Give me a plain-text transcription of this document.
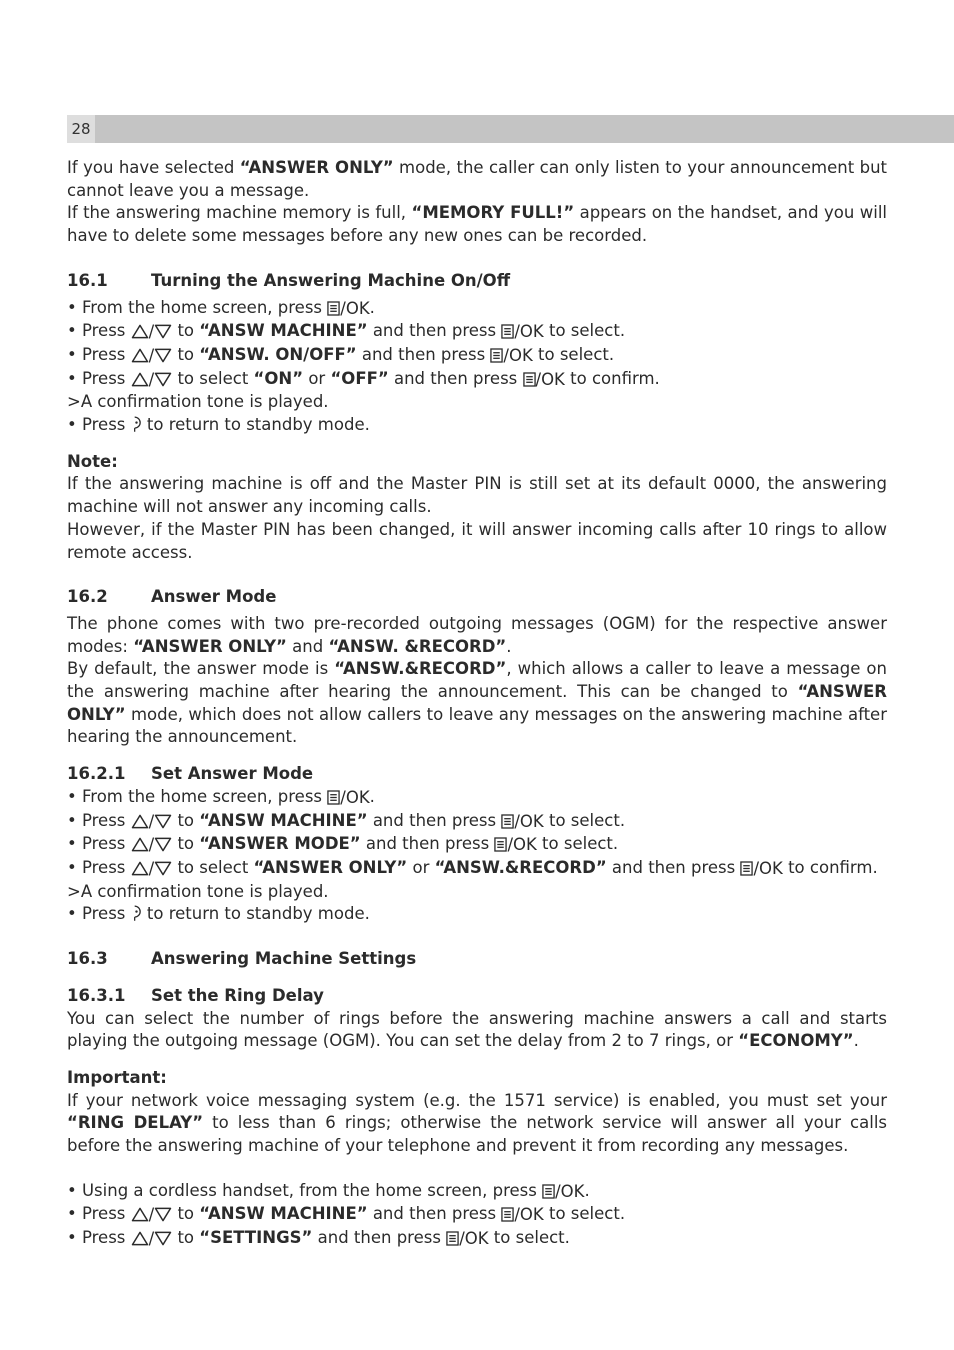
28

If you have selected “ANSWER ONLY” mode, the caller can only listen to your announcement but cannot leave you a message.

If the answering machine memory is full, “MEMORY FULL!” appears on the handset, and you will have to delete some messages before any new ones can be recorded.

16.1	Turning the Answering Machine On/Off

• From the home screen, press /OK.
• Press / to “ANSW MACHINE” and then press /OK to select.
• Press / to “ANSW. ON/OFF” and then press /OK to select.
• Press / to select “ON” or “OFF” and then press /OK to confirm.
>A confirmation tone is played.
• Press  to return to standby mode.

Note:

If the answering machine is off and the Master PIN is still set at its default 0000, the answering machine will not answer any incoming calls.

However, if the Master PIN has been changed, it will answer incoming calls after 10 rings to allow remote access.

16.2	Answer Mode

The phone comes with two pre-recorded outgoing messages (OGM) for the respective answer modes: “ANSWER ONLY” and “ANSW. &RECORD”.

By default, the answer mode is “ANSW.&RECORD”, which allows a caller to leave a message on the answering machine after hearing the announcement. This can be changed to “ANSWER ONLY” mode, which does not allow callers to leave any messages on the answering machine after hearing the announcement.

16.2.1 Set Answer Mode

• From the home screen, press /OK.
• Press / to “ANSW MACHINE” and then press /OK to select.
• Press / to “ANSWER MODE” and then press /OK to select.
• Press / to select “ANSWER ONLY” or “ANSW.&RECORD” and then press /OK to confirm.
>A confirmation tone is played.
• Press  to return to standby mode.

16.3	Answering Machine Settings

16.3.1 Set the Ring Delay

You can select the number of rings before the answering machine answers a call and starts playing the outgoing message (OGM). You can set the delay from 2 to 7 rings, or “ECONOMY”.

Important:

If your network voice messaging system (e.g. the 1571 service) is enabled, you must set your “RING DELAY” to less than 6 rings; otherwise the network service will answer all your calls before the answering machine of your telephone and prevent it from recording any messages.

• Using a cordless handset, from the home screen, press /OK.
• Press / to “ANSW MACHINE” and then press /OK to select.
• Press / to “SETTINGS” and then press /OK to select.
